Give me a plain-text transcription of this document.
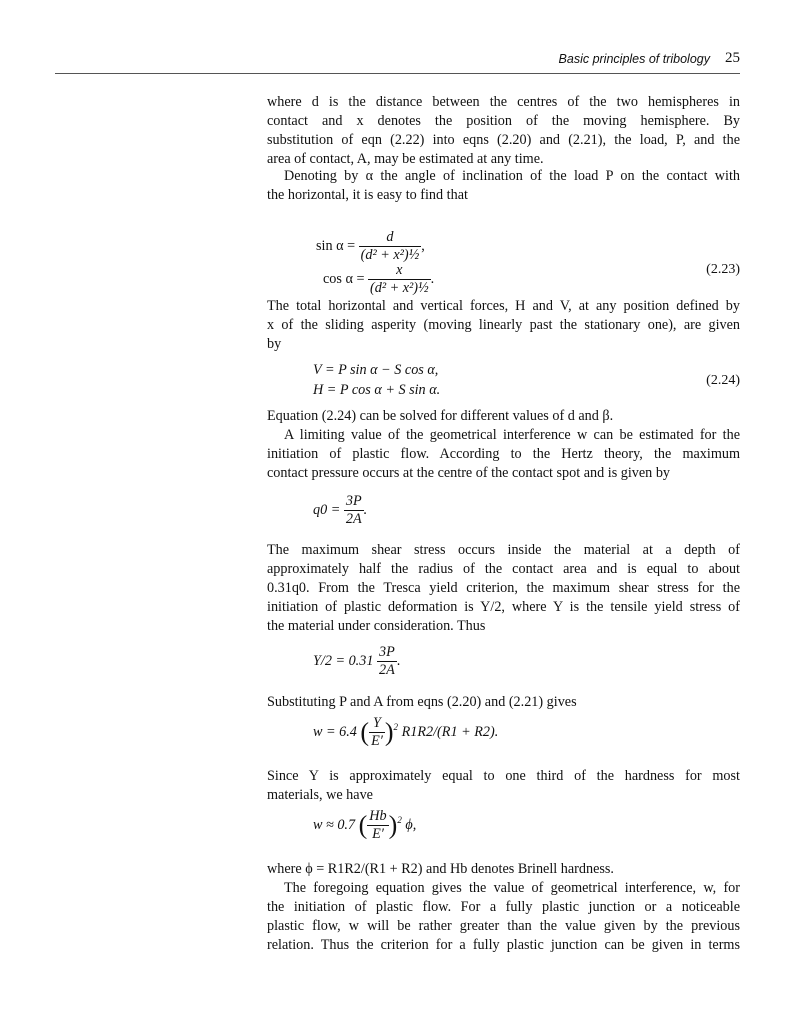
Basic principles of tribology 25
where d is the distance between the centres of the two hemispheres in
contact and x denotes the position of the moving hemisphere. By
substitution of eqn (2.22) into eqns (2.20) and (2.21), the load, P, and the
area of contact, A, may be estimated at any time.
Denoting by α the angle of inclination of the load P on the contact with
the horizontal, it is easy to find that
$\sin \alpha = \frac{d}{\text{(d² + x²)½}}$ ,
$\cos \alpha = \frac{x}{\text{(d² + x²)½}}$ .
(2.23)
The total horizontal and vertical forces, H and V, at any position defined by
x of the sliding asperity (moving linearly past the stationary one), are given
by
V = P sin α − S cos α,
H = P cos α + S sin α.
(2.24)
Equation (2.24) can be solved for different values of d and β.
A limiting value of the geometrical interference w can be estimated for the
initiation of plastic flow. According to the Hertz theory, the maximum
contact pressure occurs at the centre of the contact spot and is given by
$q0 = \frac{3P}{2A}$ .
The maximum shear stress occurs inside the material at a depth of
approximately half the radius of the contact area and is equal to about
0.31q0. From the Tresca yield criterion, the maximum shear stress for the
initiation of plastic deformation is Y/2, where Y is the tensile yield stress of
the material under consideration. Thus
$Y/2 = 0.31 \frac{3P}{2A}$ .
Substituting P and A from eqns (2.20) and (2.21) gives
w = 6.4 ( $\frac{Y}{E'} )^2$ R1R2/(R1 + R2).
Since Y is approximately equal to one third of the hardness for most
materials, we have
w ≈ 0.7 ( $\frac{Hb}{E'} )^2$ ϕ,
where ϕ = R1R2/(R1 + R2) and Hb denotes Brinell hardness.
The foregoing equation gives the value of geometrical interference, w, for
the initiation of plastic flow. For a fully plastic junction or a noticeable
plastic flow, w will be rather greater than the value given by the previous
relation. Thus the criterion for a fully plastic junction can be given in terms
